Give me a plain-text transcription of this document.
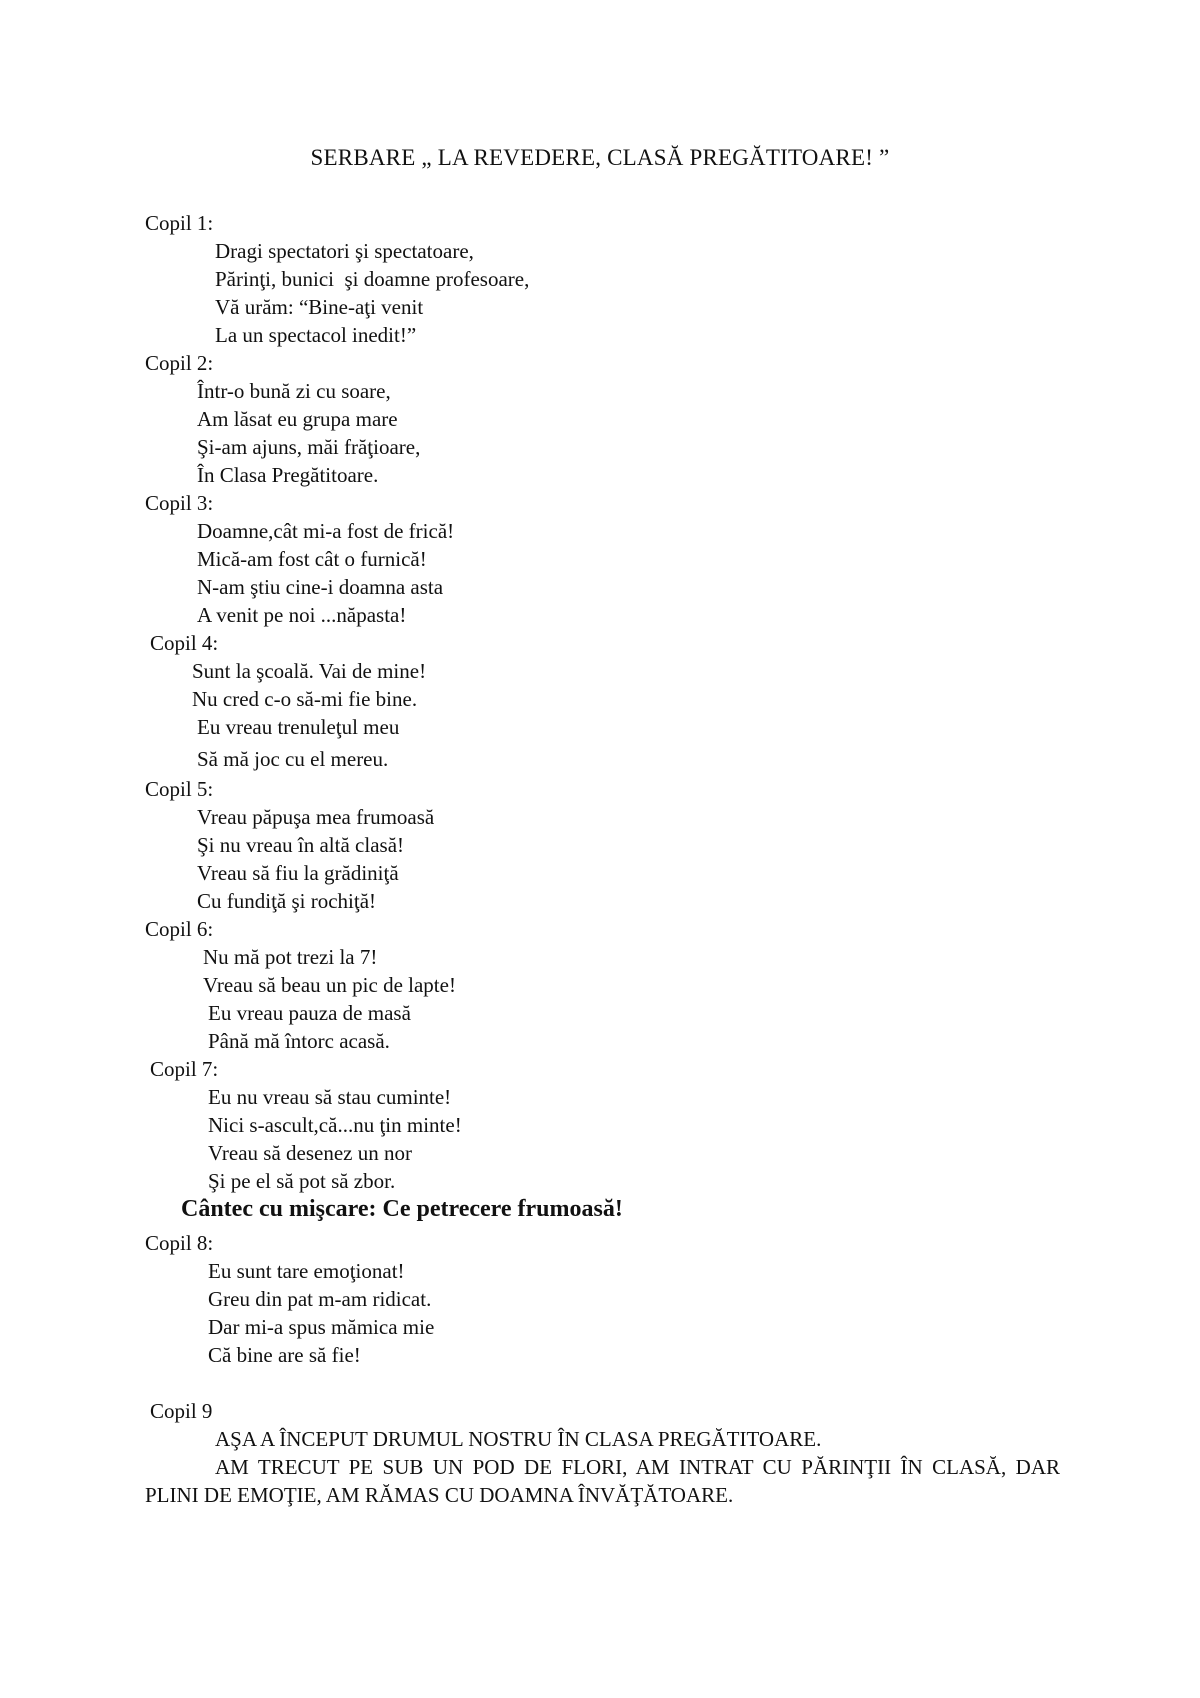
SERBARE „ LA REVEDERE, CLASĂ PREGĂTITOARE! ”
Copil 1:
Dragi spectatori şi spectatoare,
Părinţi, bunici  şi doamne profesoare,
Vă urăm: “Bine-aţi venit
La un spectacol inedit!”
Copil 2:
Într-o bună zi cu soare,
Am lăsat eu grupa mare
Şi-am ajuns, măi frăţioare,
În Clasa Pregătitoare.
Copil 3:
Doamne,cât mi-a fost de frică!
Mică-am fost cât o furnică!
N-am ştiu cine-i doamna asta
A venit pe noi ...năpasta!
Copil 4:
Sunt la şcoală. Vai de mine!
Nu cred c-o să-mi fie bine.
Eu vreau trenuleţul meu
Să mă joc cu el mereu.
Copil 5:
Vreau păpuşa mea frumoasă
Şi nu vreau în altă clasă!
Vreau să fiu la grădiniţă
Cu fundiţă şi rochiţă!
Copil 6:
Nu mă pot trezi la 7!
Vreau să beau un pic de lapte!
Eu vreau pauza de masă
Până mă întorc acasă.
Copil 7:
Eu nu vreau să stau cuminte!
Nici s-ascult,că...nu ţin minte!
Vreau să desenez un nor
Şi pe el să pot să zbor.
Cântec cu mişcare: Ce petrecere frumoasă!
Copil 8:
Eu sunt tare emoţionat!
Greu din pat m-am ridicat.
Dar mi-a spus mămica mie
Că bine are să fie!
Copil 9
AŞA A ÎNCEPUT DRUMUL NOSTRU ÎN CLASA PREGĂTITOARE.
AM TRECUT PE SUB UN POD DE FLORI, AM INTRAT CU PĂRINŢII ÎN CLASĂ, DAR PLINI DE EMOŢIE, AM RĂMAS CU DOAMNA ÎNVĂŢĂTOARE.
